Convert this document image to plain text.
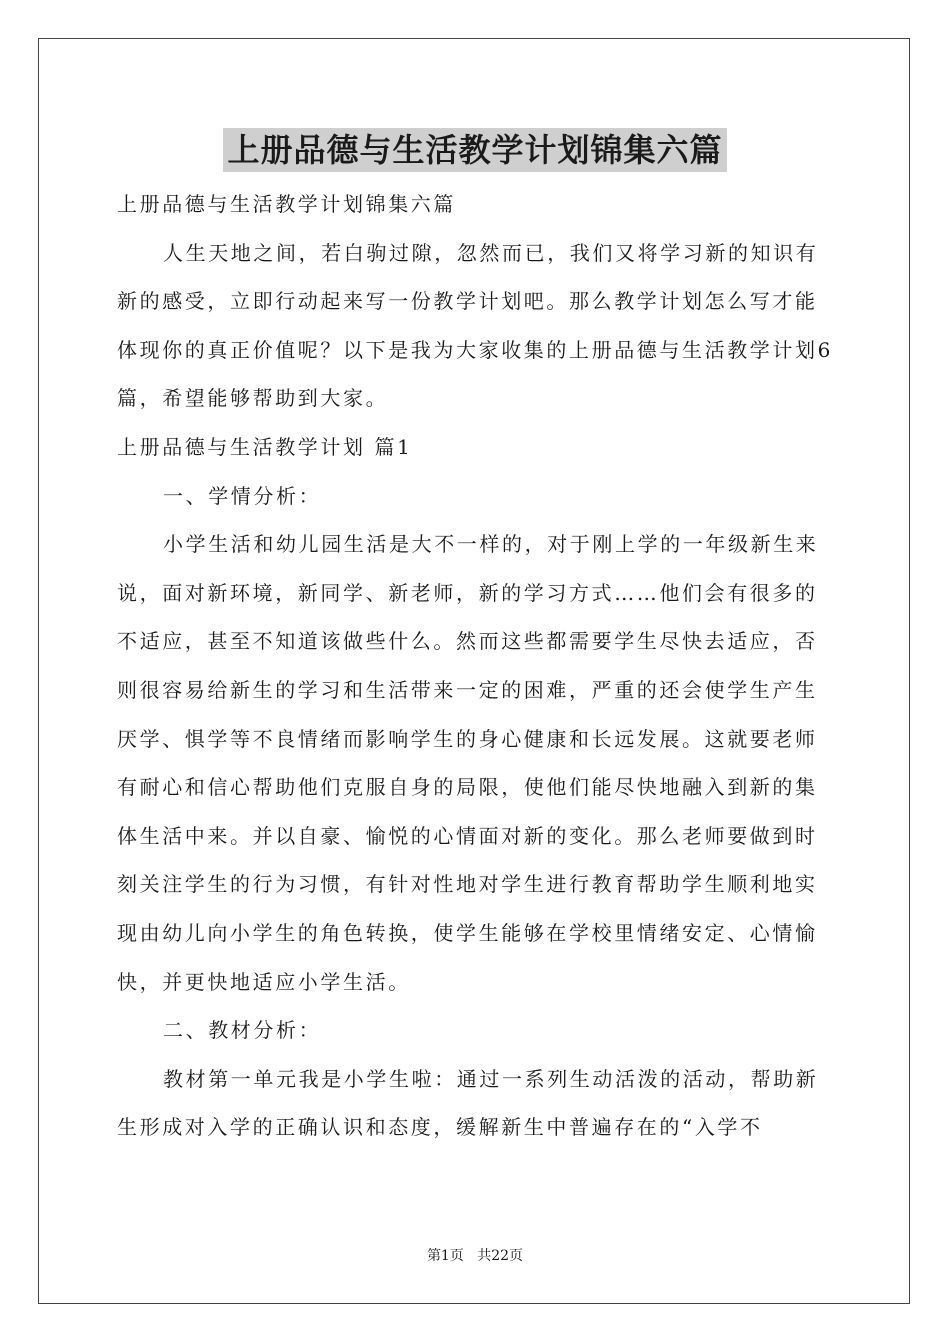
上册品德与生活教学计划锦集六篇

上册品德与生活教学计划锦集六篇

人生天地之间，若白驹过隙，忽然而已，我们又将学习新的知识有新的感受，立即行动起来写一份教学计划吧。那么教学计划怎么写才能体现你的真正价值呢？以下是我为大家收集的上册品德与生活教学计划6篇，希望能够帮助到大家。

上册品德与生活教学计划 篇1

一、学情分析：

小学生活和幼儿园生活是大不一样的，对于刚上学的一年级新生来说，面对新环境，新同学、新老师，新的学习方式……他们会有很多的不适应，甚至不知道该做些什么。然而这些都需要学生尽快去适应，否则很容易给新生的学习和生活带来一定的困难，严重的还会使学生产生厌学、惧学等不良情绪而影响学生的身心健康和长远发展。这就要老师有耐心和信心帮助他们克服自身的局限，使他们能尽快地融入到新的集体生活中来。并以自豪、愉悦的心情面对新的变化。那么老师要做到时刻关注学生的行为习惯，有针对性地对学生进行教育帮助学生顺利地实现由幼儿向小学生的角色转换，使学生能够在学校里情绪安定、心情愉快，并更快地适应小学生活。

二、教材分析：

教材第一单元我是小学生啦：通过一系列生动活泼的活动，帮助新生形成对入学的正确认识和态度，缓解新生中普遍存在的“入学不

第1页 共22页
